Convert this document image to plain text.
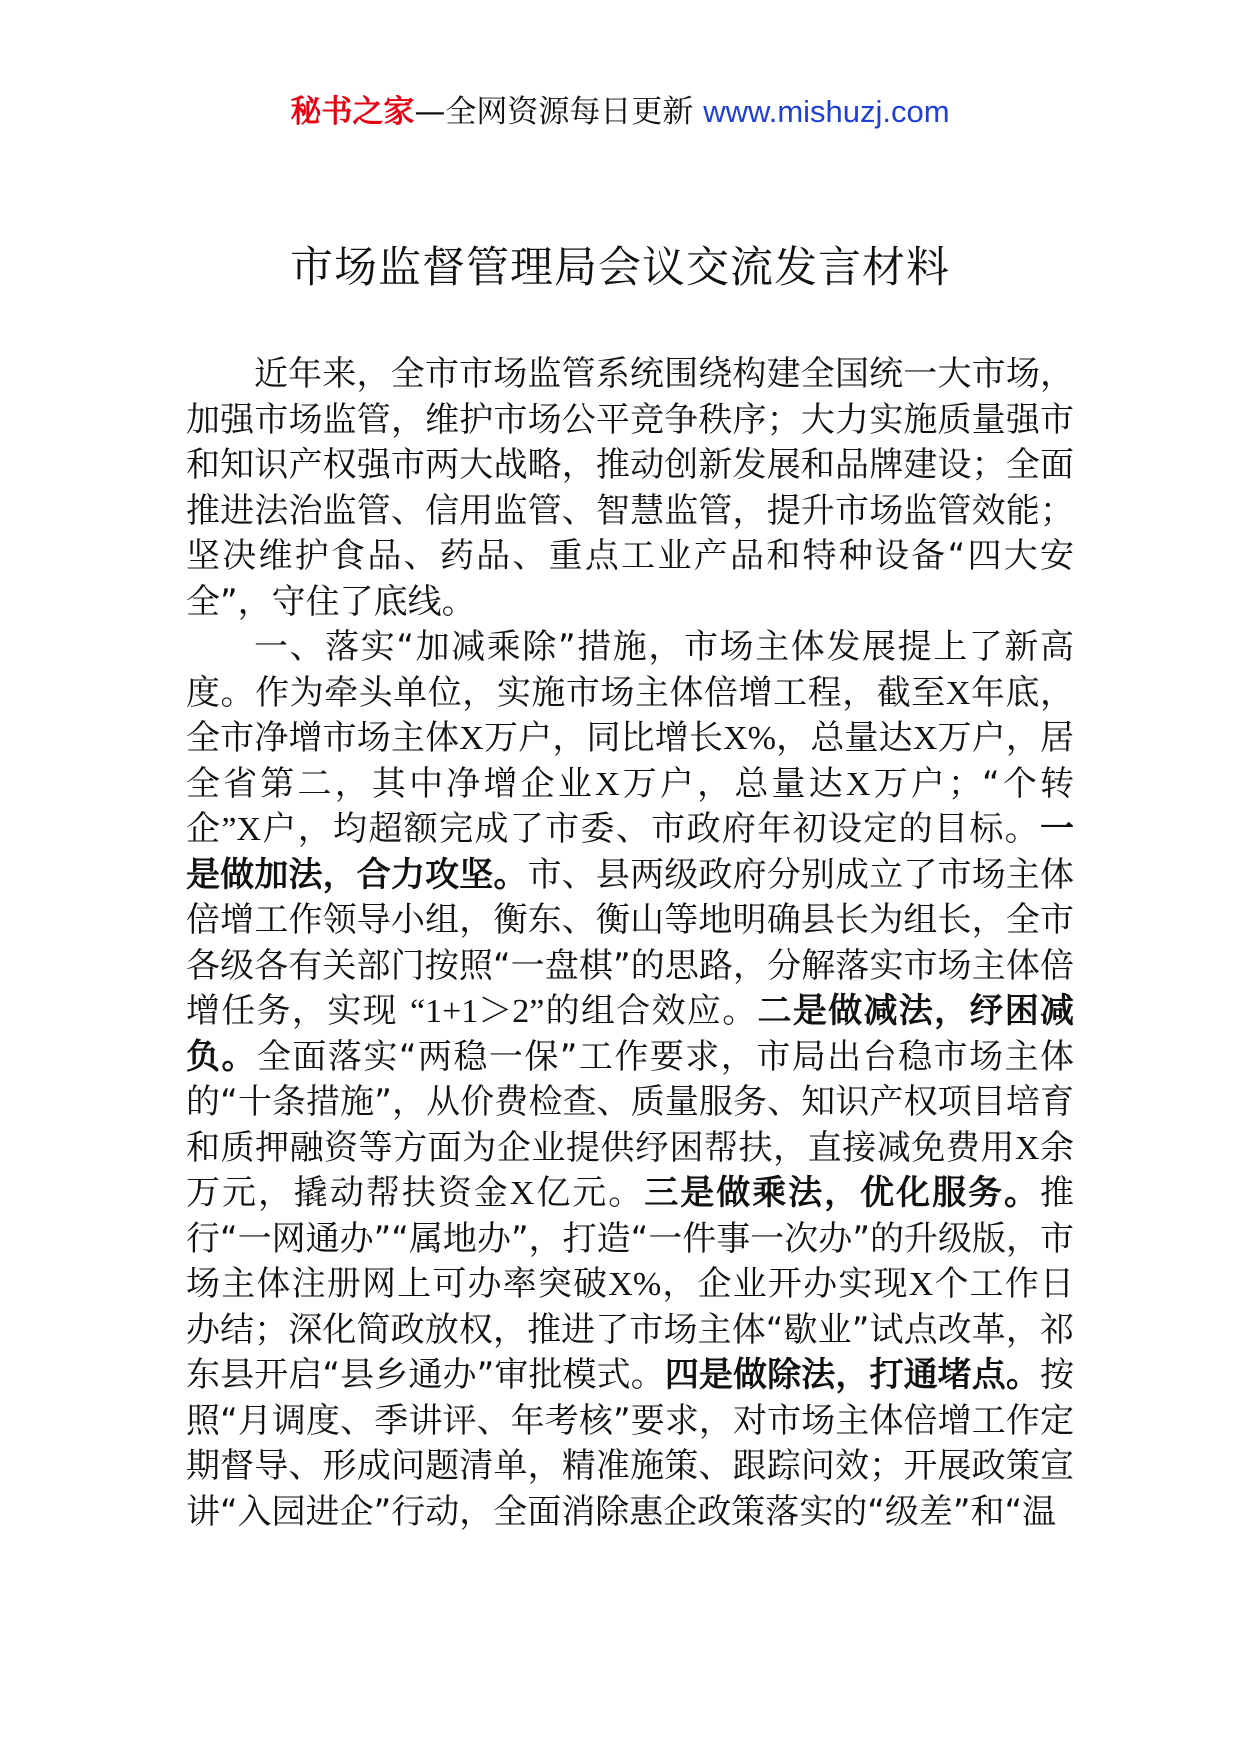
秘书之家—全网资源每日更新 www.mishuzj.com
市场监督管理局会议交流发言材料

近年来，全市市场监管系统围绕构建全国统一大市场，加强市场监管，维护市场公平竞争秩序；大力实施质量强市和知识产权强市两大战略，推动创新发展和品牌建设；全面推进法治监管、信用监管、智慧监管，提升市场监管效能；坚决维护食品、药品、重点工业产品和特种设备“四大安全”，守住了底线。

一、落实“加减乘除”措施，市场主体发展提上了新高度。作为牵头单位，实施市场主体倍增工程，截至X年底，全市净增市场主体X万户，同比增长X%，总量达X万户，居全省第二，其中净增企业X万户，总量达X万户；“个转企”X户，均超额完成了市委、市政府年初设定的目标。一是做加法，合力攻坚。市、县两级政府分别成立了市场主体倍增工作领导小组，衡东、衡山等地明确县长为组长，全市各级各有关部门按照“一盘棋”的思路，分解落实市场主体倍增任务，实现 “1+1＞2”的组合效应。二是做减法，纾困减负。全面落实“两稳一保”工作要求，市局出台稳市场主体的“十条措施”，从价费检查、质量服务、知识产权项目培育和质押融资等方面为企业提供纾困帮扶，直接减免费用X余万元，撬动帮扶资金X亿元。三是做乘法，优化服务。推行“一网通办”“属地办”，打造“一件事一次办”的升级版，市场主体注册网上可办率突破X%，企业开办实现X个工作日办结；深化简政放权，推进了市场主体“歇业”试点改革，祁东县开启“县乡通办”审批模式。四是做除法，打通堵点。按照“月调度、季讲评、年考核”要求，对市场主体倍增工作定期督导、形成问题清单，精准施策、跟踪问效；开展政策宣讲“入园进企”行动，全面消除惠企政策落实的“级差”和“温
